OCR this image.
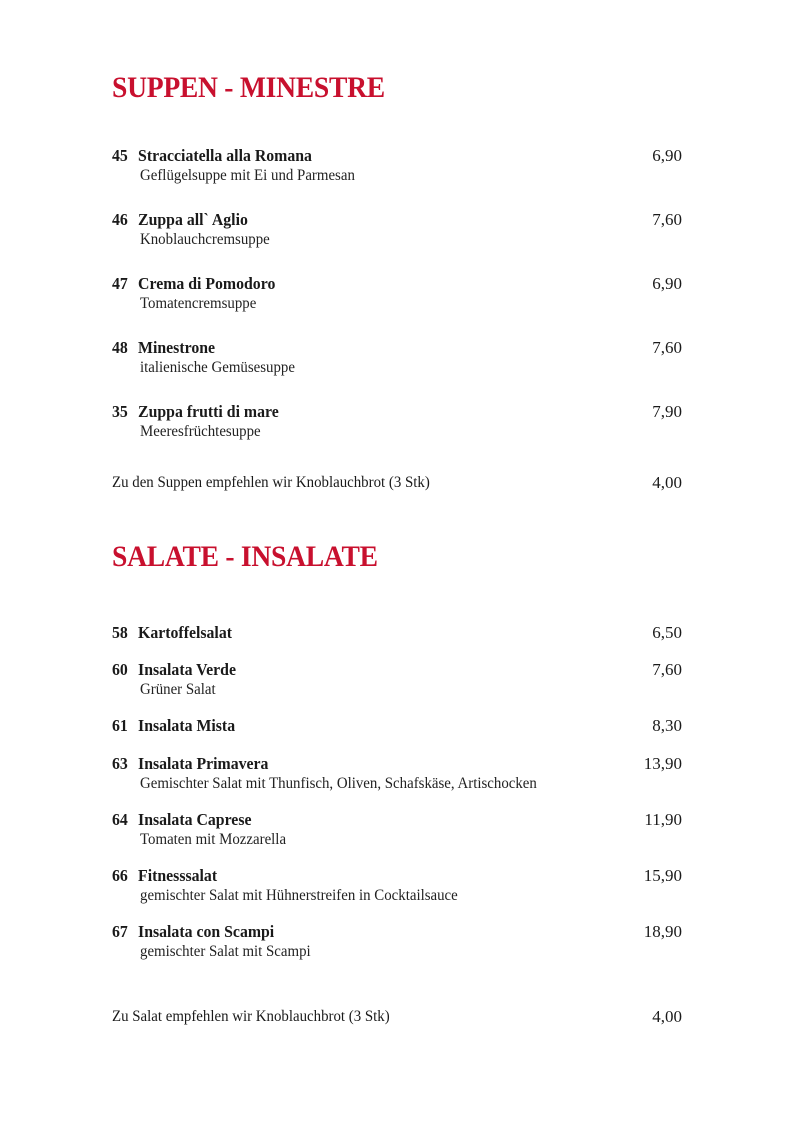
SUPPEN - MINESTRE
45 Stracciatella alla Romana	6,90
Geflügelsuppe mit Ei und Parmesan
46 Zuppa all` Aglio	7,60
Knoblauchcremsuppe
47 Crema di Pomodoro	6,90
Tomatencremsuppe
48 Minestrone	7,60
italienische Gemüsesuppe
35 Zuppa frutti di mare	7,90
Meeresfrüchtesuppe
Zu den Suppen empfehlen wir Knoblauchbrot (3 Stk)	4,00
SALATE - INSALATE
58 Kartoffelsalat	6,50
60 Insalata Verde	7,60
Grüner Salat
61 Insalata Mista	8,30
63 Insalata Primavera	13,90
Gemischter Salat mit Thunfisch, Oliven, Schafskäse, Artischocken
64 Insalata Caprese	11,90
Tomaten mit Mozzarella
66 Fitnesssalat	15,90
gemischter Salat mit Hühnerstreifen in Cocktailsauce
67 Insalata con Scampi	18,90
gemischter Salat mit Scampi
Zu Salat empfehlen wir Knoblauchbrot (3 Stk)	4,00
